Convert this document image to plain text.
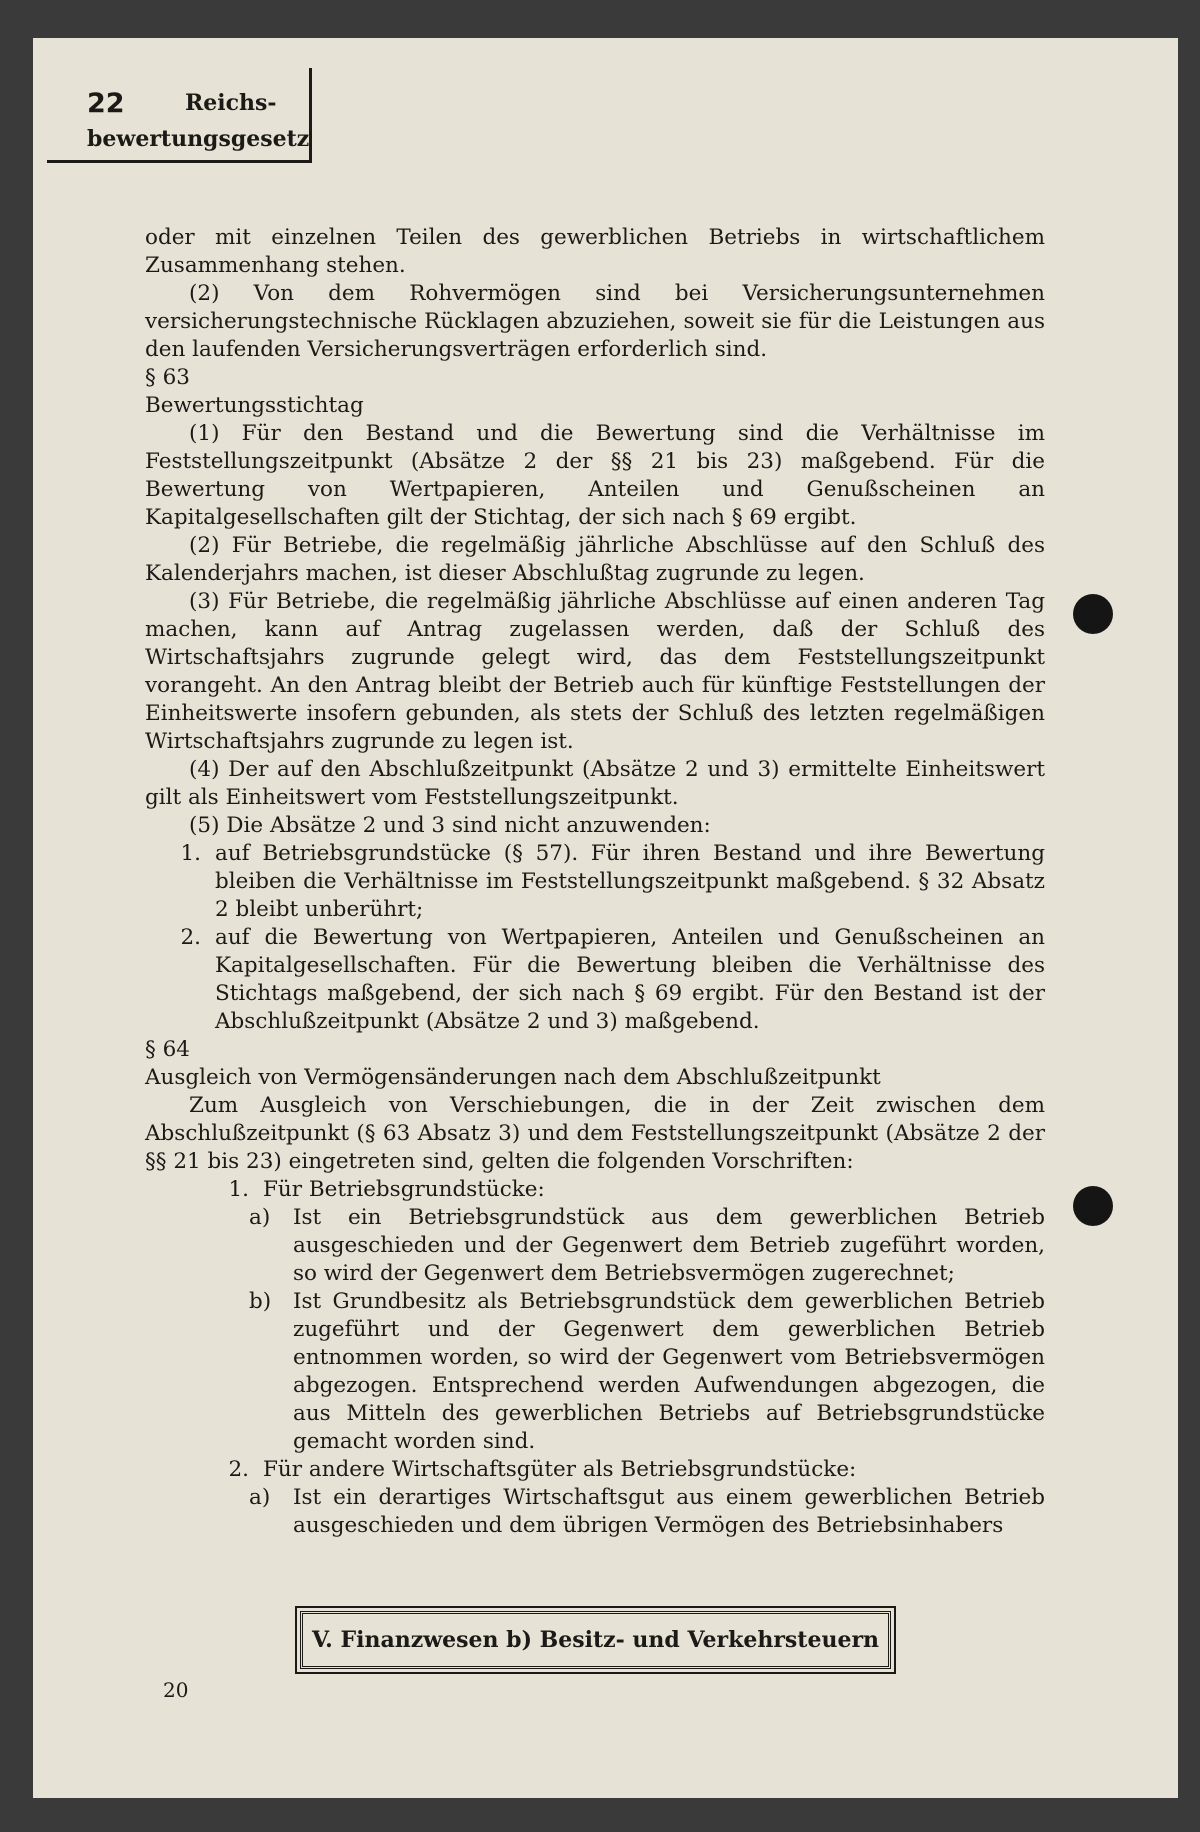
22	Reichs-
bewertungsgesetz

oder mit einzelnen Teilen des gewerblichen Betriebs in wirtschaftlichem Zusammenhang stehen.

(2) Von dem Rohvermögen sind bei Versicherungsunternehmen versicherungstechnische Rücklagen abzuziehen, soweit sie für die Leistungen aus den laufenden Versicherungsverträgen erforderlich sind.

§ 63

Bewertungsstichtag

(1) Für den Bestand und die Bewertung sind die Verhältnisse im Feststellungszeitpunkt (Absätze 2 der §§ 21 bis 23) maßgebend. Für die Bewertung von Wertpapieren, Anteilen und Genußscheinen an Kapitalgesellschaften gilt der Stichtag, der sich nach § 69 ergibt.

(2) Für Betriebe, die regelmäßig jährliche Abschlüsse auf den Schluß des Kalenderjahrs machen, ist dieser Abschlußtag zugrunde zu legen.

(3) Für Betriebe, die regelmäßig jährliche Abschlüsse auf einen anderen Tag machen, kann auf Antrag zugelassen werden, daß der Schluß des Wirtschaftsjahrs zugrunde gelegt wird, das dem Feststellungszeitpunkt vorangeht. An den Antrag bleibt der Betrieb auch für künftige Feststellungen der Einheitswerte insofern gebunden, als stets der Schluß des letzten regelmäßigen Wirtschaftsjahrs zugrunde zu legen ist.

(4) Der auf den Abschlußzeitpunkt (Absätze 2 und 3) ermittelte Einheitswert gilt als Einheitswert vom Feststellungszeitpunkt.

(5) Die Absätze 2 und 3 sind nicht anzuwenden:

1. auf Betriebsgrundstücke (§ 57). Für ihren Bestand und ihre Bewertung bleiben die Verhältnisse im Feststellungszeitpunkt maßgebend. § 32 Absatz 2 bleibt unberührt;
2. auf die Bewertung von Wertpapieren, Anteilen und Genußscheinen an Kapitalgesellschaften. Für die Bewertung bleiben die Verhältnisse des Stichtags maßgebend, der sich nach § 69 ergibt. Für den Bestand ist der Abschlußzeitpunkt (Absätze 2 und 3) maßgebend.

§ 64

Ausgleich von Vermögensänderungen nach dem Abschlußzeitpunkt

Zum Ausgleich von Verschiebungen, die in der Zeit zwischen dem Abschlußzeitpunkt (§ 63 Absatz 3) und dem Feststellungszeitpunkt (Absätze 2 der §§ 21 bis 23) eingetreten sind, gelten die folgenden Vorschriften:

1. Für Betriebsgrundstücke:
a)	Ist ein Betriebsgrundstück aus dem gewerblichen Betrieb ausgeschieden und der Gegenwert dem Betrieb zugeführt worden, so wird der Gegenwert dem Betriebsvermögen zugerechnet;
b)	Ist Grundbesitz als Betriebsgrundstück dem gewerblichen Betrieb zugeführt und der Gegenwert dem gewerblichen Betrieb entnommen worden, so wird der Gegenwert vom Betriebsvermögen abgezogen. Entsprechend werden Aufwendungen abgezogen, die aus Mitteln des gewerblichen Betriebs auf Betriebsgrundstücke gemacht worden sind.
2. Für andere Wirtschaftsgüter als Betriebsgrundstücke:
a)	Ist ein derartiges Wirtschaftsgut aus einem gewerblichen Betrieb ausgeschieden und dem übrigen Vermögen des Betriebsinhabers
V. Finanzwesen b) Besitz- und Verkehrsteuern
20
